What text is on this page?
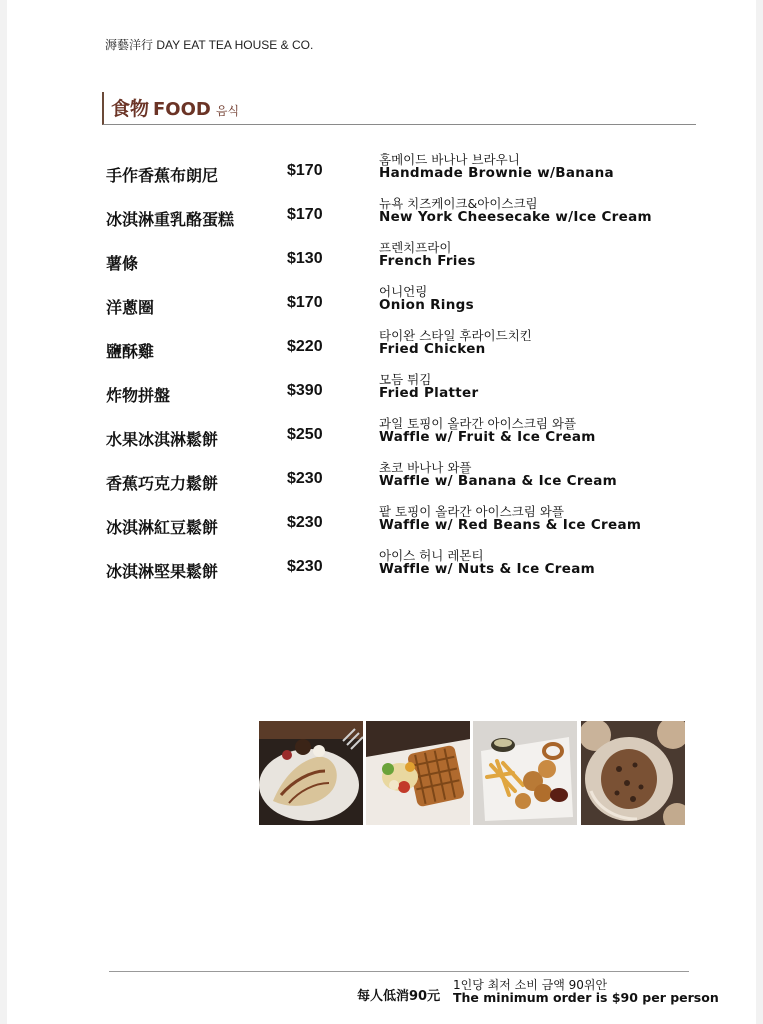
溽藝洋行 DAY EAT TEA HOUSE & CO.
食物 FOOD 음식
手作香蕉布朗尼	$170
홈메이드 바나나 브라우니
Handmade Brownie w/Banana
冰淇淋重乳酪蛋糕	$170
뉴욕 치즈케이크&아이스크림
New York Cheesecake w/Ice Cream
薯條	$130
프렌치프라이
French Fries
洋蔥圈	$170
어니언링
Onion Rings
鹽酥雞	$220
타이완 스타일 후라이드치킨
Fried Chicken
炸物拼盤	$390
모듬 튀김
Fried Platter
水果冰淇淋鬆餅	$250
과일 토핑이 올라간 아이스크림 와플
Waffle w/ Fruit & Ice Cream
香蕉巧克力鬆餅	$230
초코 바나나 와플
Waffle w/ Banana & Ice Cream
冰淇淋紅豆鬆餅	$230
팥 토핑이 올라간 아이스크림 와플
Waffle w/ Red Beans & Ice Cream
冰淇淋堅果鬆餅	$230
아이스 허니 레몬티
Waffle w/ Nuts & Ice Cream
每人低消90元
1인당 최저 소비 금액 90위안
The minimum order is $90 per person
